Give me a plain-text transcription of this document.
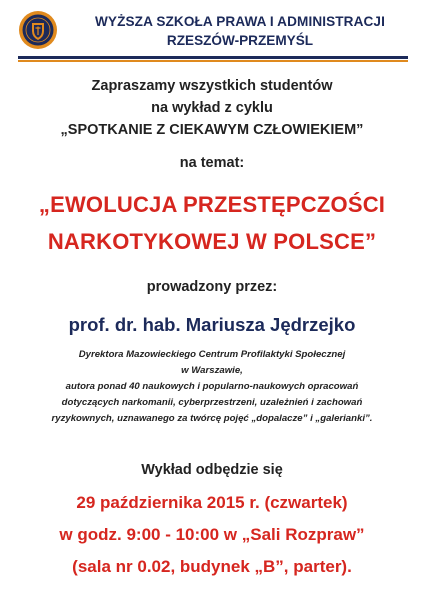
WYŻSZA SZKOŁA PRAWA I ADMINISTRACJI
RZESZÓW-PRZEMYŚL
Zapraszamy wszystkich studentów
na wykład z cyklu
„SPOTKANIE Z CIEKAWYM CZŁOWIEKIEM”
na temat:
„EWOLUCJA PRZESTĘPCZOŚCI
NARKOTYKOWEJ W POLSCE”
prowadzony przez:
prof. dr. hab. Mariusza Jędrzejko
Dyrektora Mazowieckiego Centrum Profilaktyki Społecznej
w Warszawie,
autora ponad 40 naukowych i popularno-naukowych opracowań
dotyczących narkomanii, cyberprzestrzeni, uzależnień i zachowań
ryzykownych, uznawanego za twórcę pojęć „dopalacze” i „galerianki”.
Wykład odbędzie się
29 października 2015 r. (czwartek)
w godz. 9:00 - 10:00 w „Sali Rozpraw”
(sala nr 0.02, budynek „B”, parter).
